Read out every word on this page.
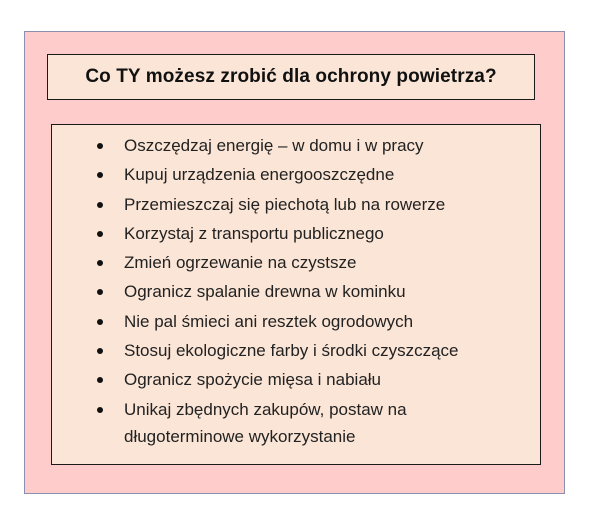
Co TY możesz zrobić dla ochrony powietrza?
Oszczędzaj energię – w domu i w pracy
Kupuj urządzenia energooszczędne
Przemieszczaj się piechotą lub na rowerze
Korzystaj z transportu publicznego
Zmień ogrzewanie na czystsze
Ogranicz spalanie drewna w kominku
Nie pal śmieci ani resztek ogrodowych
Stosuj ekologiczne farby i środki czyszczące
Ogranicz spożycie mięsa i nabiału
Unikaj zbędnych zakupów, postaw na długoterminowe wykorzystanie
